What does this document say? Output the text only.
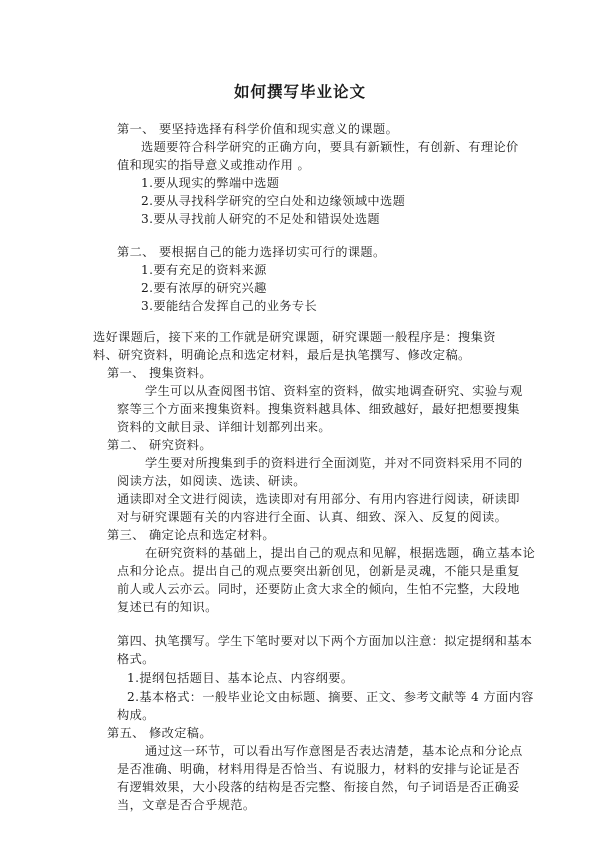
如何撰写毕业论文
第一、 要坚持选择有科学价值和现实意义的课题。
选题要符合科学研究的正确方向，要具有新颖性，有创新、有理论价
值和现实的指导意义或推动作用 。
1.要从现实的弊端中选题
2.要从寻找科学研究的空白处和边缘领域中选题
3.要从寻找前人研究的不足处和错误处选题
第二、 要根据自己的能力选择切实可行的课题。
1.要有充足的资料来源
2.要有浓厚的研究兴趣
3.要能结合发挥自己的业务专长
选好课题后，接下来的工作就是研究课题，研究课题一般程序是：搜集资
料、研究资料，明确论点和选定材料，最后是执笔撰写、修改定稿。
第一、 搜集资料。
学生可以从查阅图书馆、资料室的资料，做实地调查研究、实验与观
察等三个方面来搜集资料。搜集资料越具体、细致越好，最好把想要搜集
资料的文献目录、详细计划都列出来。
第二、 研究资料。
学生要对所搜集到手的资料进行全面浏览，并对不同资料采用不同的
阅读方法，如阅读、选读、研读。
通读即对全文进行阅读，选读即对有用部分、有用内容进行阅读，研读即
对与研究课题有关的内容进行全面、认真、细致、深入、反复的阅读。
第三、 确定论点和选定材料。
在研究资料的基础上，提出自己的观点和见解，根据选题，确立基本论
点和分论点。提出自己的观点要突出新创见，创新是灵魂，不能只是重复
前人或人云亦云。同时，还要防止贪大求全的倾向，生怕不完整，大段地
复述已有的知识。
第四、执笔撰写。学生下笔时要对以下两个方面加以注意：拟定提纲和基本
格式。
1.提纲包括题目、基本论点、内容纲要。
2.基本格式：一般毕业论文由标题、摘要、正文、参考文献等 4 方面内容
构成。
第五、 修改定稿。
通过这一环节，可以看出写作意图是否表达清楚，基本论点和分论点
是否准确、明确，材料用得是否恰当、有说服力，材料的安排与论证是否
有逻辑效果，大小段落的结构是否完整、衔接自然，句子词语是否正确妥
当，文章是否合乎规范。
